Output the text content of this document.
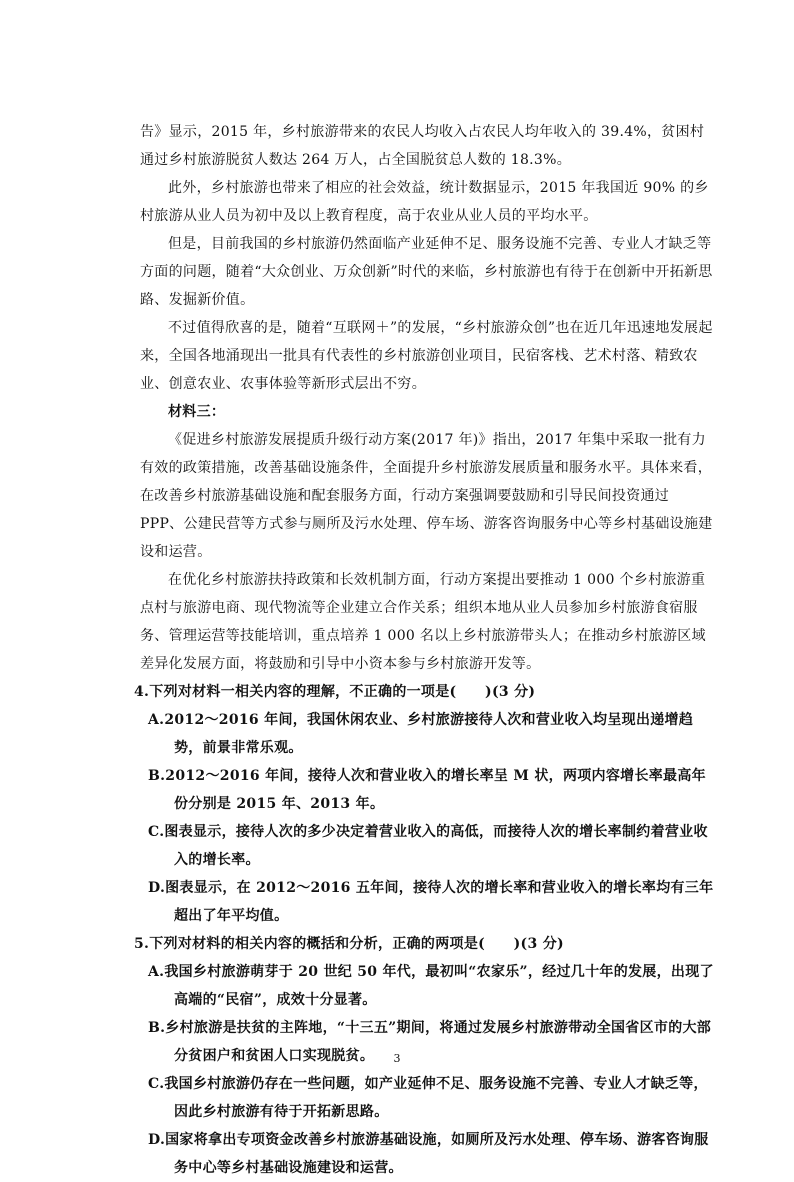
告》显示，2015 年，乡村旅游带来的农民人均收入占农民人均年收入的 39.4%，贫困村通过乡村旅游脱贫人数达 264 万人，占全国脱贫总人数的 18.3%。

此外，乡村旅游也带来了相应的社会效益，统计数据显示，2015 年我国近 90% 的乡村旅游从业人员为初中及以上教育程度，高于农业从业人员的平均水平。

但是，目前我国的乡村旅游仍然面临产业延伸不足、服务设施不完善、专业人才缺乏等方面的问题，随着“大众创业、万众创新”时代的来临，乡村旅游也有待于在创新中开拓新思路、发掘新价值。

不过值得欣喜的是，随着“互联网＋”的发展，“乡村旅游众创”也在近几年迅速地发展起来，全国各地涌现出一批具有代表性的乡村旅游创业项目，民宿客栈、艺术村落、精致农业、创意农业、农事体验等新形式层出不穷。

材料三：

《促进乡村旅游发展提质升级行动方案(2017 年)》指出，2017 年集中采取一批有力有效的政策措施，改善基础设施条件，全面提升乡村旅游发展质量和服务水平。具体来看，在改善乡村旅游基础设施和配套服务方面，行动方案强调要鼓励和引导民间投资通过 PPP、公建民营等方式参与厕所及污水处理、停车场、游客咨询服务中心等乡村基础设施建设和运营。

在优化乡村旅游扶持政策和长效机制方面，行动方案提出要推动 1 000 个乡村旅游重点村与旅游电商、现代物流等企业建立合作关系；组织本地从业人员参加乡村旅游食宿服务、管理运营等技能培训，重点培养 1 000 名以上乡村旅游带头人；在推动乡村旅游区域差异化发展方面，将鼓励和引导中小资本参与乡村旅游开发等。

4.下列对材料一相关内容的理解，不正确的一项是(　　)(3 分)

A.2012～2016 年间，我国休闲农业、乡村旅游接待人次和营业收入均呈现出递增趋势，前景非常乐观。

B.2012～2016 年间，接待人次和营业收入的增长率呈 M 状，两项内容增长率最高年份分别是 2015 年、2013 年。

C.图表显示，接待人次的多少决定着营业收入的高低，而接待人次的增长率制约着营业收入的增长率。

D.图表显示，在 2012～2016 五年间，接待人次的增长率和营业收入的增长率均有三年超出了年平均值。

5.下列对材料的相关内容的概括和分析，正确的两项是(　　)(3 分)

A.我国乡村旅游萌芽于 20 世纪 50 年代，最初叫“农家乐”，经过几十年的发展，出现了高端的“民宿”，成效十分显著。

B.乡村旅游是扶贫的主阵地，“十三五”期间，将通过发展乡村旅游带动全国省区市的大部分贫困户和贫困人口实现脱贫。

C.我国乡村旅游仍存在一些问题，如产业延伸不足、服务设施不完善、专业人才缺乏等，因此乡村旅游有待于开拓新思路。

D.国家将拿出专项资金改善乡村旅游基础设施，如厕所及污水处理、停车场、游客咨询服务中心等乡村基础设施建设和运营。

3
